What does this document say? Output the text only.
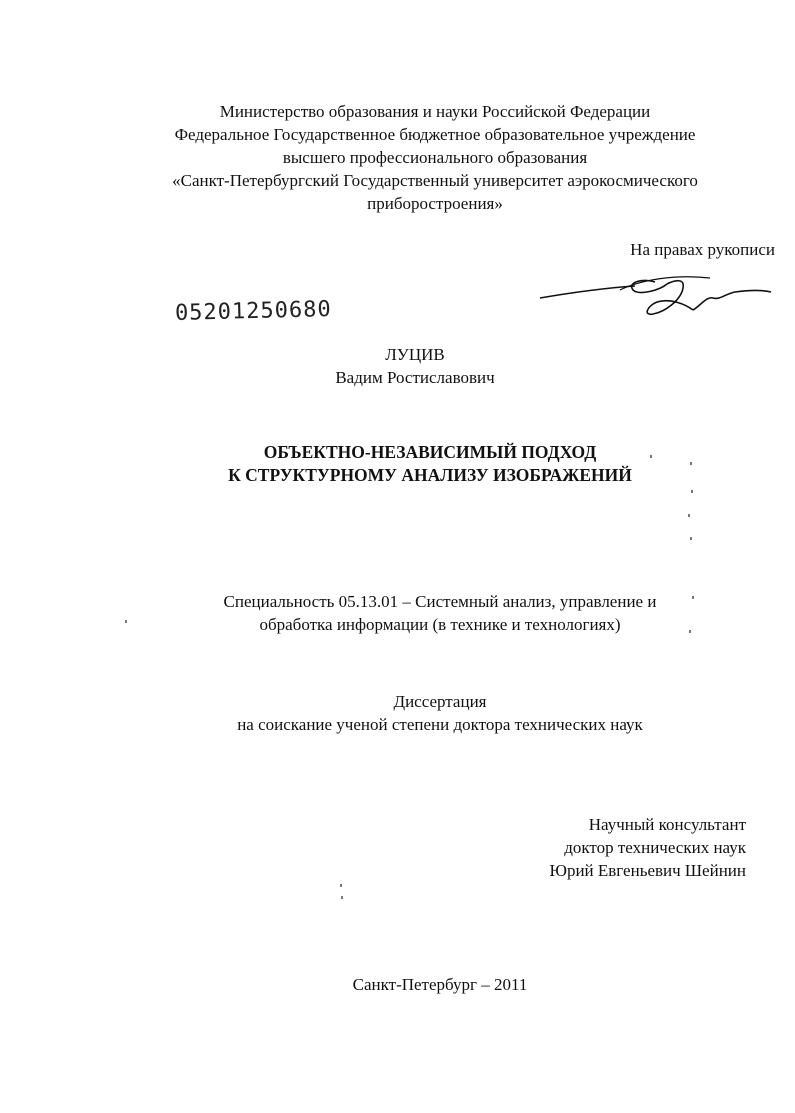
Министерство образования и науки Российской Федерации
Федеральное Государственное бюджетное образовательное учреждение
высшего профессионального образования
«Санкт-Петербургский Государственный университет аэрокосмического
приборостроения»
На правах рукописи
05201250680
ЛУЦИВ
Вадим Ростиславович
ОБЪЕКТНО-НЕЗАВИСИМЫЙ ПОДХОД
К СТРУКТУРНОМУ АНАЛИЗУ ИЗОБРАЖЕНИЙ
Специальность 05.13.01 – Системный анализ, управление и
обработка информации (в технике и технологиях)
Диссертация
на соискание ученой степени доктора технических наук
Научный консультант
доктор технических наук
Юрий Евгеньевич Шейнин
Санкт-Петербург – 2011
